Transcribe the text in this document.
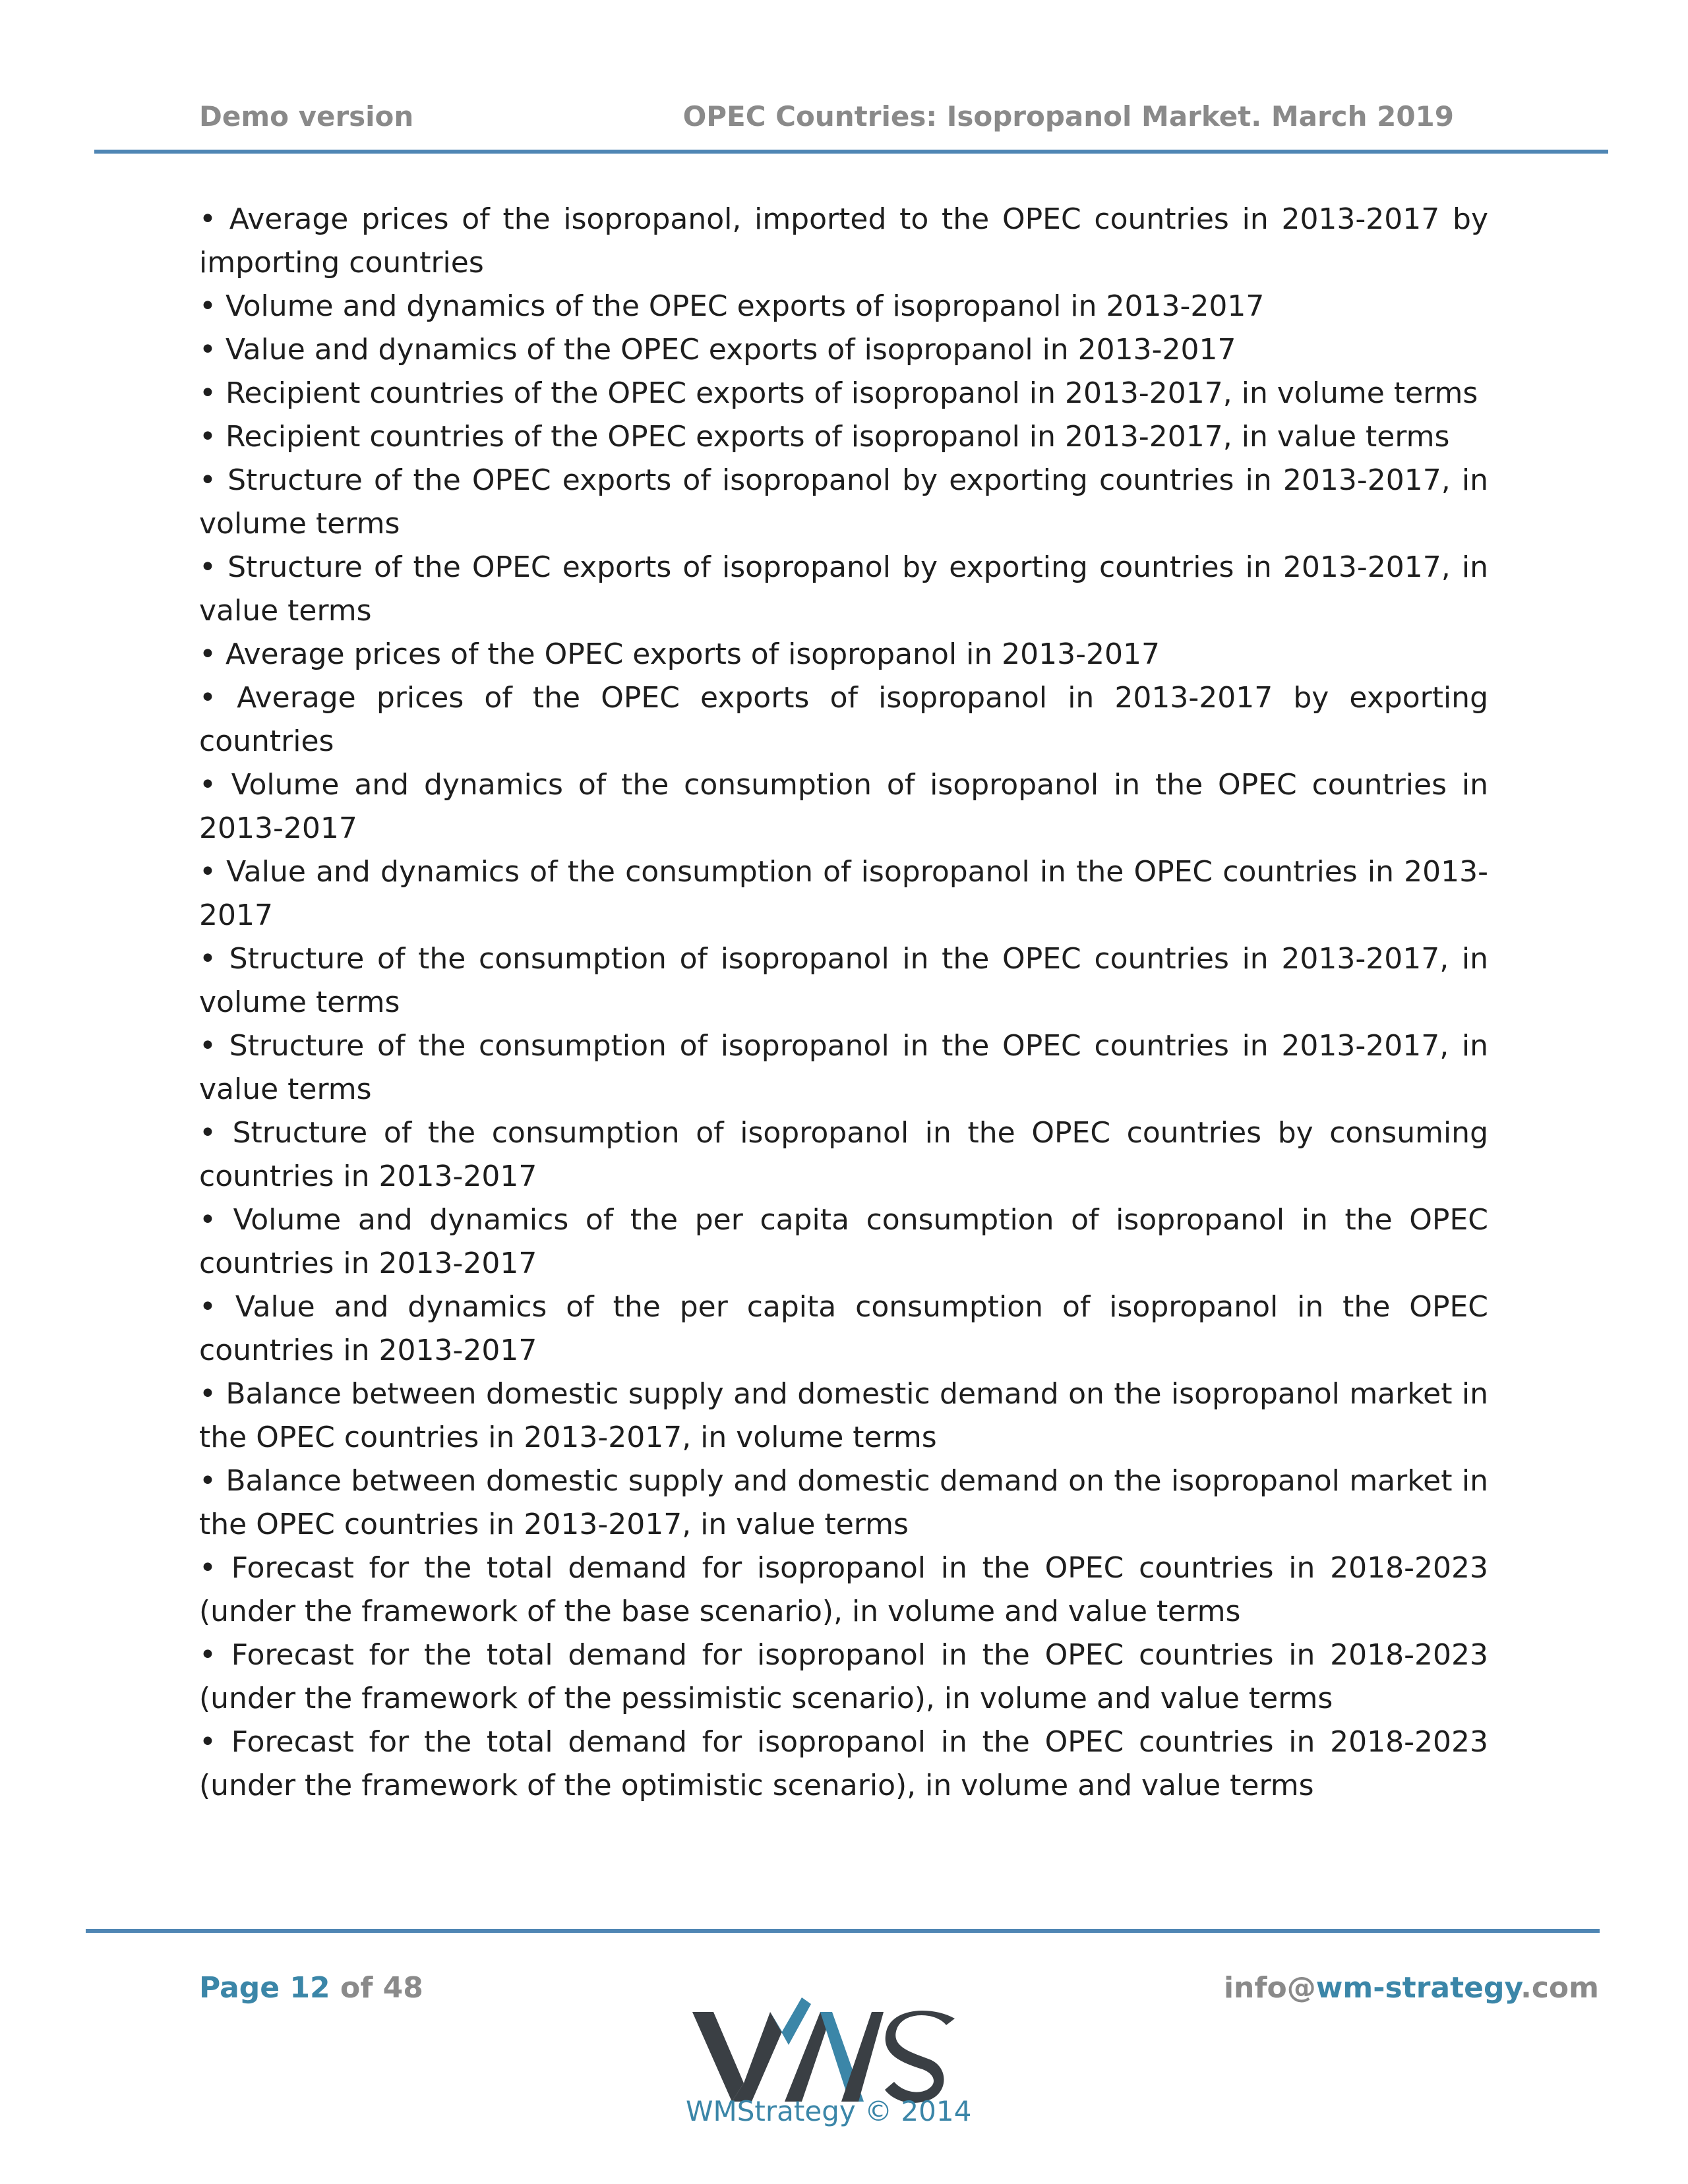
Demo version	OPEC Countries: Isopropanol Market. March 2019

• Average prices of the isopropanol, imported to the OPEC countries in 2013-2017 by importing countries

• Volume and dynamics of the OPEC exports of isopropanol in 2013-2017

• Value and dynamics of the OPEC exports of isopropanol in 2013-2017

• Recipient countries of the OPEC exports of isopropanol in 2013-2017, in volume terms

• Recipient countries of the OPEC exports of isopropanol in 2013-2017, in value terms

• Structure of the OPEC exports of isopropanol by exporting countries in 2013-2017, in volume terms

• Structure of the OPEC exports of isopropanol by exporting countries in 2013-2017, in value terms

• Average prices of the OPEC exports of isopropanol in 2013-2017

• Average prices of the OPEC exports of isopropanol in 2013-2017 by exporting countries

• Volume and dynamics of the consumption of isopropanol in the OPEC countries in 2013-2017

• Value and dynamics of the consumption of isopropanol in the OPEC countries in 2013-2017

• Structure of the consumption of isopropanol in the OPEC countries in 2013-2017, in volume terms

• Structure of the consumption of isopropanol in the OPEC countries in 2013-2017, in value terms

• Structure of the consumption of isopropanol in the OPEC countries by consuming countries in 2013-2017

• Volume and dynamics of the per capita consumption of isopropanol in the OPEC countries in 2013-2017

• Value and dynamics of the per capita consumption of isopropanol in the OPEC countries in 2013-2017

• Balance between domestic supply and domestic demand on the isopropanol market in the OPEC countries in 2013-2017, in volume terms

• Balance between domestic supply and domestic demand on the isopropanol market in the OPEC countries in 2013-2017, in value terms

• Forecast for the total demand for isopropanol in the OPEC countries in 2018-2023 (under the framework of the base scenario), in volume and value terms

• Forecast for the total demand for isopropanol in the OPEC countries in 2018-2023 (under the framework of the pessimistic scenario), in volume and value terms

• Forecast for the total demand for isopropanol in the OPEC countries in 2018-2023 (under the framework of the optimistic scenario), in volume and value terms

Page 12 of 48	info@wm-strategy.com
WMStrategy © 2014
